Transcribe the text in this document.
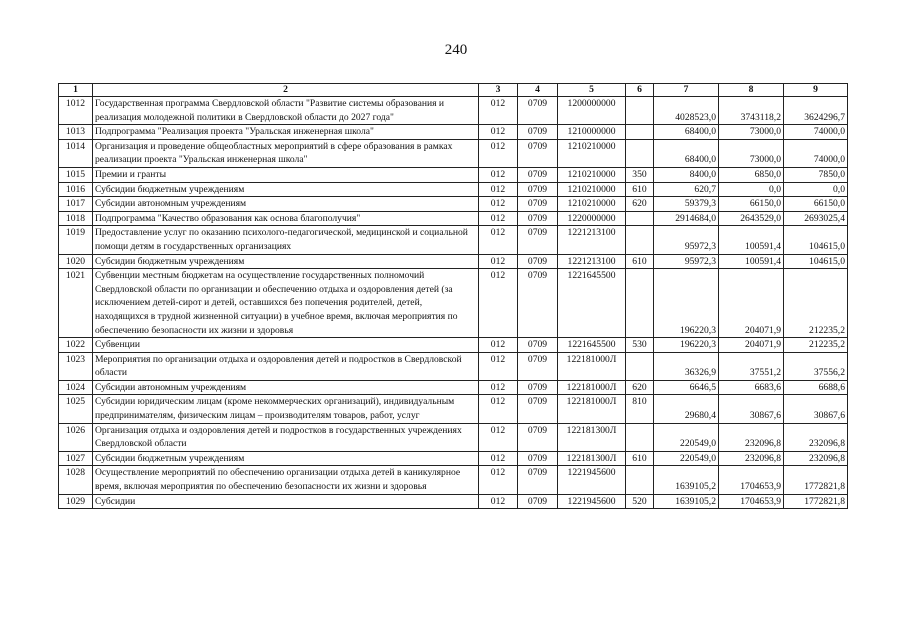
240
1	2	3	4	5	6	7	8	9
1012	Государственная программа Свердловской области "Развитие системы образования и реализация молодежной политики в Свердловской области до 2027 года"	012	0709	1200000000		4028523,0	3743118,2	3624296,7
1013	Подпрограмма "Реализация проекта "Уральская инженерная школа"	012	0709	1210000000		68400,0	73000,0	74000,0
1014	Организация и проведение общеобластных мероприятий в сфере образования в рамках реализации проекта "Уральская инженерная школа"	012	0709	1210210000		68400,0	73000,0	74000,0
1015	Премии и гранты	012	0709	1210210000	350	8400,0	6850,0	7850,0
1016	Субсидии бюджетным учреждениям	012	0709	1210210000	610	620,7	0,0	0,0
1017	Субсидии автономным учреждениям	012	0709	1210210000	620	59379,3	66150,0	66150,0
1018	Подпрограмма "Качество образования как основа благополучия"	012	0709	1220000000		2914684,0	2643529,0	2693025,4
1019	Предоставление услуг по оказанию психолого-педагогической, медицинской и социальной помощи детям в государственных организациях	012	0709	1221213100		95972,3	100591,4	104615,0
1020	Субсидии бюджетным учреждениям	012	0709	1221213100	610	95972,3	100591,4	104615,0
1021	Субвенции местным бюджетам на осуществление государственных полномочий Свердловской области по организации и обеспечению отдыха и оздоровления детей (за исключением детей-сирот и детей, оставшихся без попечения родителей, детей, находящихся в трудной жизненной ситуации) в учебное время, включая мероприятия по обеспечению безопасности их жизни и здоровья	012	0709	1221645500		196220,3	204071,9	212235,2
1022	Субвенции	012	0709	1221645500	530	196220,3	204071,9	212235,2
1023	Мероприятия по организации отдыха и оздоровления детей и подростков в Свердловской области	012	0709	122181000Л		36326,9	37551,2	37556,2
1024	Субсидии автономным учреждениям	012	0709	122181000Л	620	6646,5	6683,6	6688,6
1025	Субсидии юридическим лицам (кроме некоммерческих организаций), индивидуальным предпринимателям, физическим лицам – производителям товаров, работ, услуг	012	0709	122181000Л	810	29680,4	30867,6	30867,6
1026	Организация отдыха и оздоровления детей и подростков в государственных учреждениях Свердловской области	012	0709	122181300Л		220549,0	232096,8	232096,8
1027	Субсидии бюджетным учреждениям	012	0709	122181300Л	610	220549,0	232096,8	232096,8
1028	Осуществление мероприятий по обеспечению организации отдыха детей в каникулярное время, включая мероприятия по обеспечению безопасности их жизни и здоровья	012	0709	1221945600		1639105,2	1704653,9	1772821,8
1029	Субсидии	012	0709	1221945600	520	1639105,2	1704653,9	1772821,8
